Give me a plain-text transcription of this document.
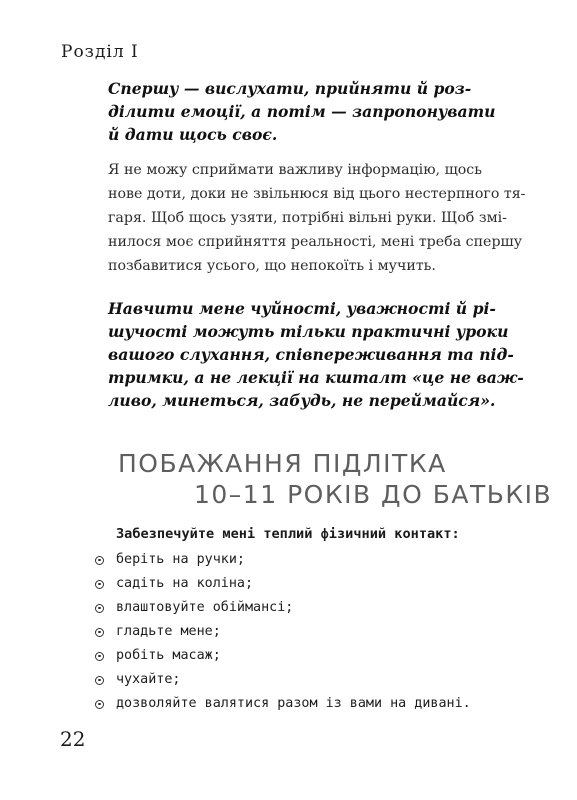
Розділ I
Спершу — вислухати, прийняти й роз-
ділити емоції, а потім — запропонувати
й дати щось своє.
Я не можу сприймати важливу інформацію, щось
нове доти, доки не звільнюся від цього нестерпного тя-
гаря. Щоб щось узяти, потрібні вільні руки. Щоб змі-
нилося моє сприйняття реальності, мені треба спершу
позбавитися усього, що непокоїть і мучить.
Навчити мене чуйності, уважності й рі-
шучості можуть тільки практичні уроки
вашого слухання, співпереживання та під-
тримки, а не лекції на кшталт «це не важ-
ливо, минеться, забудь, не переймайся».
ПОБАЖАННЯ ПІДЛІТКА
10–11 РОКІВ ДО БАТЬКІВ
Забезпечуйте мені теплий фізичний контакт:
беріть на ручки;
садіть на коліна;
влаштовуйте обіймансі;
гладьте мене;
робіть масаж;
чухайте;
дозволяйте валятися разом із вами на дивані.
22
